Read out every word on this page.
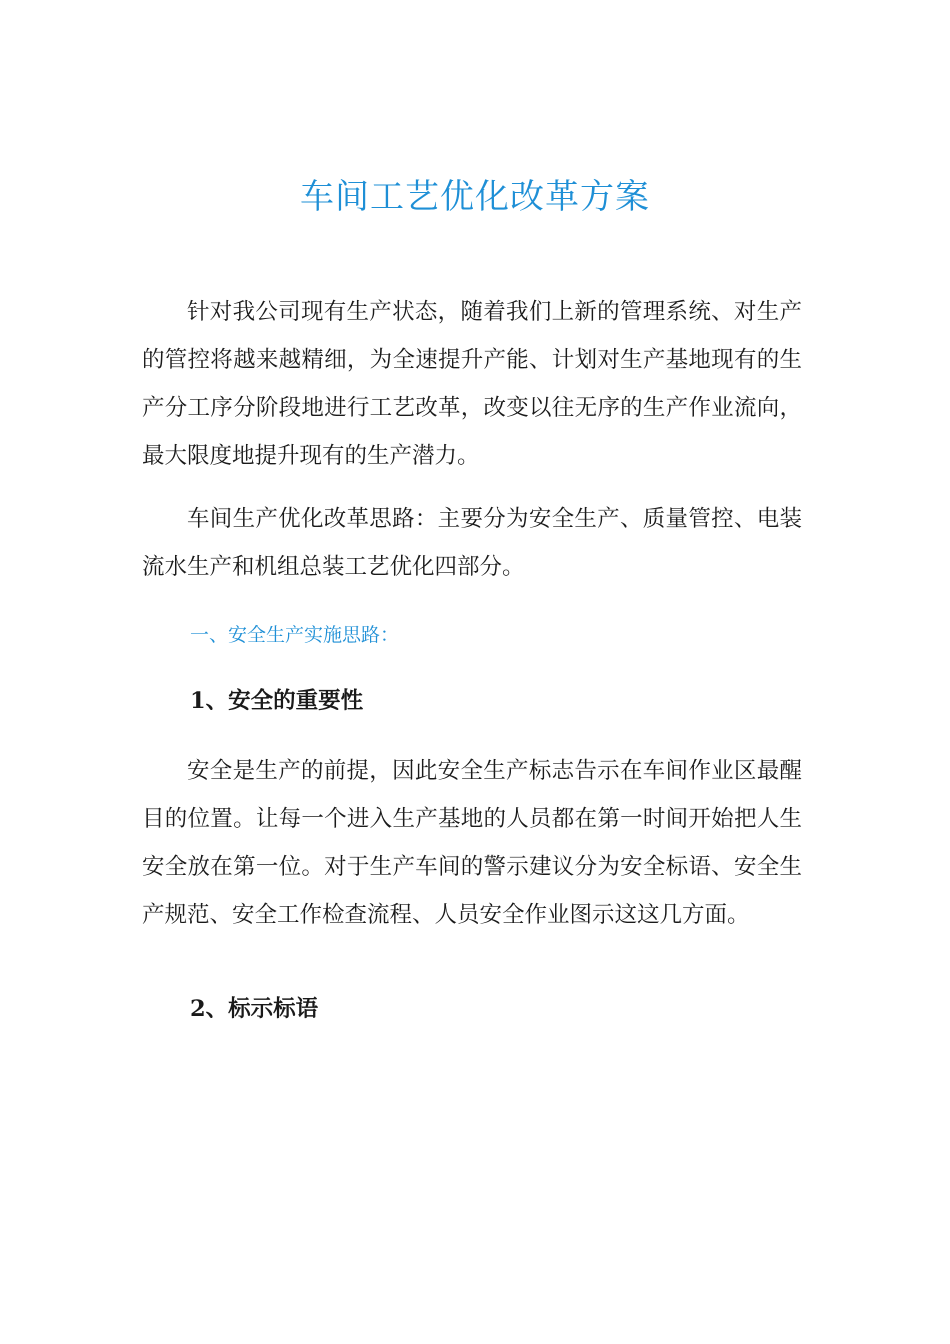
车间工艺优化改革方案

针对我公司现有生产状态，随着我们上新的管理系统、对生产的管控将越来越精细，为全速提升产能、计划对生产基地现有的生产分工序分阶段地进行工艺改革，改变以往无序的生产作业流向，最大限度地提升现有的生产潜力。

车间生产优化改革思路：主要分为安全生产、质量管控、电装流水生产和机组总装工艺优化四部分。

一、安全生产实施思路：
1、安全的重要性

安全是生产的前提，因此安全生产标志告示在车间作业区最醒目的位置。让每一个进入生产基地的人员都在第一时间开始把人生安全放在第一位。对于生产车间的警示建议分为安全标语、安全生产规范、安全工作检查流程、人员安全作业图示这这几方面。

2、标示标语
